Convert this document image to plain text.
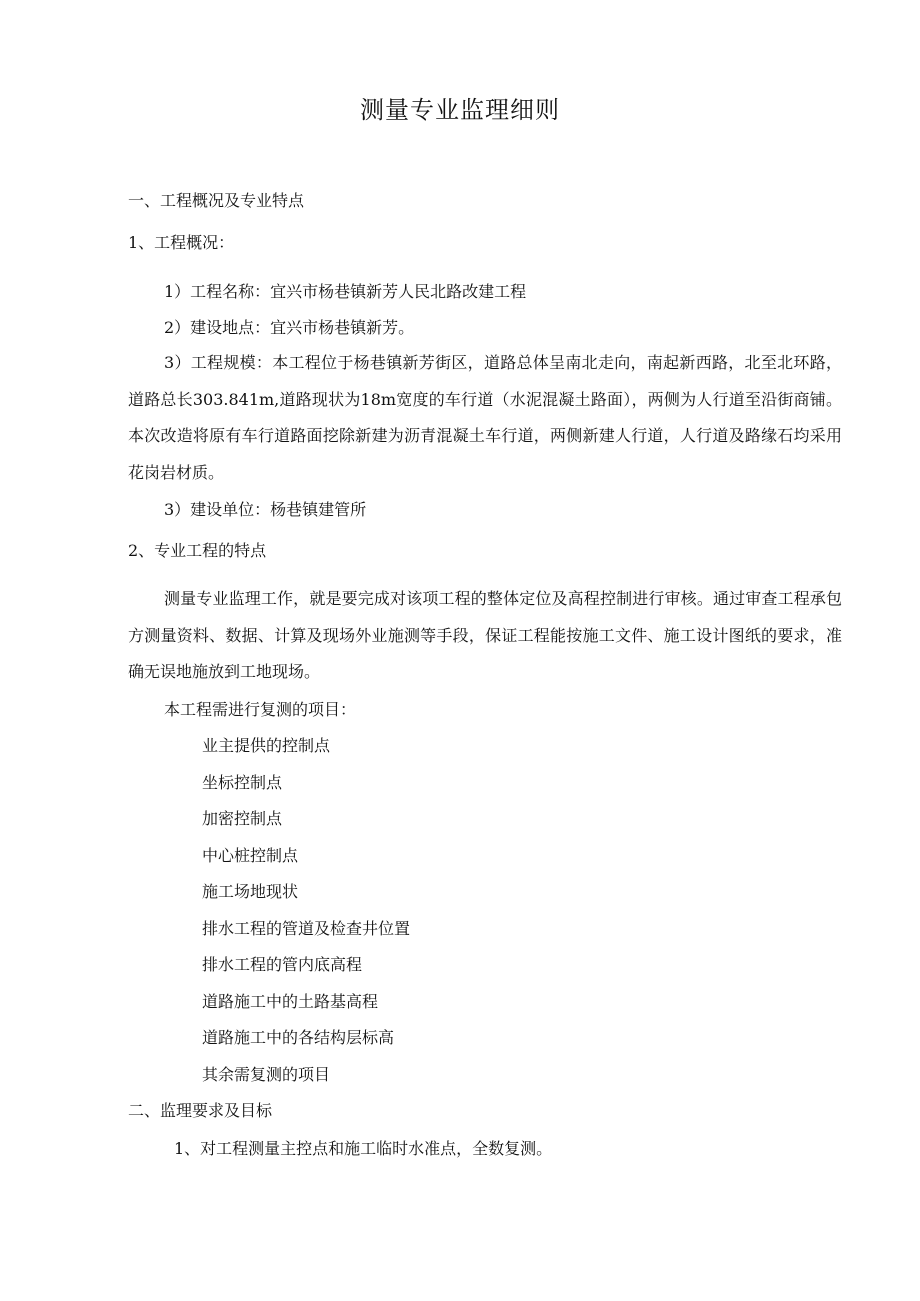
测量专业监理细则
一、工程概况及专业特点
1、工程概况：
1）工程名称：宜兴市杨巷镇新芳人民北路改建工程
2）建设地点：宜兴市杨巷镇新芳。
3）工程规模：本工程位于杨巷镇新芳街区，道路总体呈南北走向，南起新西路，北至北环路，道路总长303.841m,道路现状为18m宽度的车行道（水泥混凝土路面），两侧为人行道至沿街商铺。本次改造将原有车行道路面挖除新建为沥青混凝土车行道，两侧新建人行道，人行道及路缘石均采用花岗岩材质。
3）建设单位：杨巷镇建管所
2、专业工程的特点
测量专业监理工作，就是要完成对该项工程的整体定位及高程控制进行审核。通过审查工程承包方测量资料、数据、计算及现场外业施测等手段，保证工程能按施工文件、施工设计图纸的要求，准确无误地施放到工地现场。
本工程需进行复测的项目：
业主提供的控制点
坐标控制点
加密控制点
中心桩控制点
施工场地现状
排水工程的管道及检查井位置
排水工程的管内底高程
道路施工中的土路基高程
道路施工中的各结构层标高
其余需复测的项目
二、监理要求及目标
1、对工程测量主控点和施工临时水准点，全数复测。
